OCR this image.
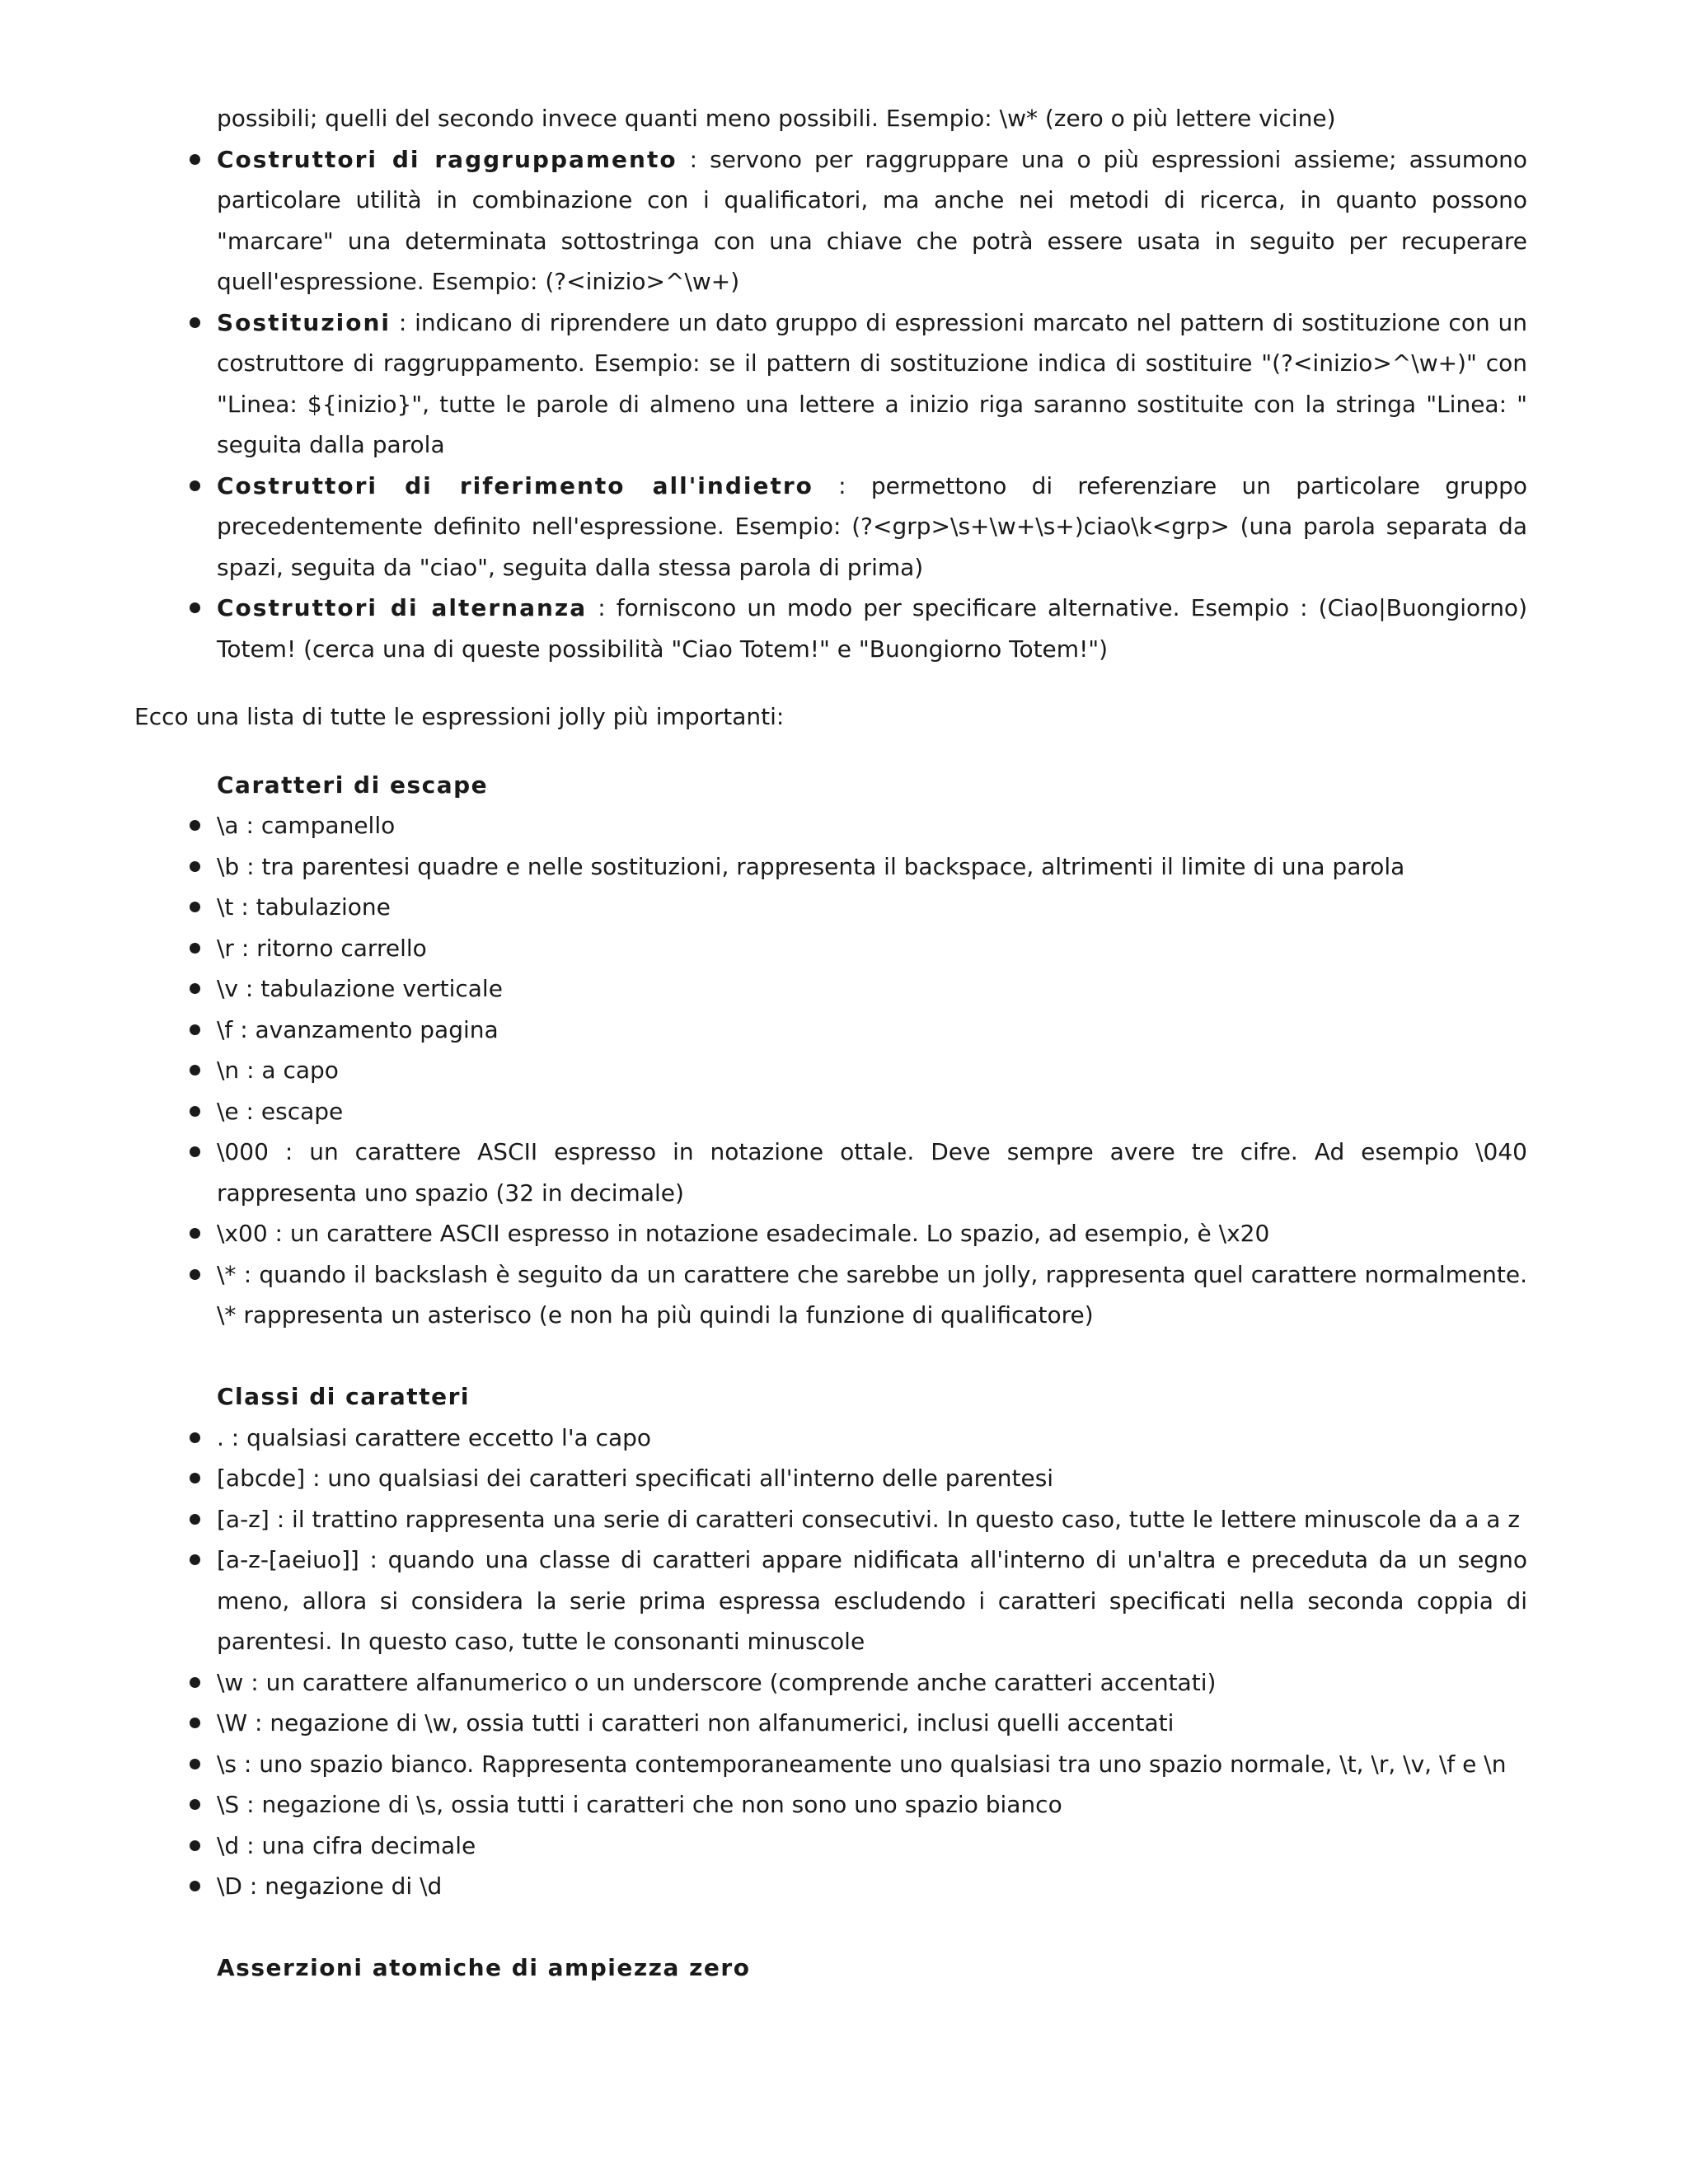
possibili; quelli del secondo invece quanti meno possibili. Esempio: \w* (zero o più lettere vicine)
Costruttori di raggruppamento : servono per raggruppare una o più espressioni assieme; assumono particolare utilità in combinazione con i qualificatori, ma anche nei metodi di ricerca, in quanto possono "marcare" una determinata sottostringa con una chiave che potrà essere usata in seguito per recuperare quell'espressione. Esempio: (?<inizio>^\w+)
Sostituzioni : indicano di riprendere un dato gruppo di espressioni marcato nel pattern di sostituzione con un costruttore di raggruppamento. Esempio: se il pattern di sostituzione indica di sostituire "(?<inizio>^\w+)" con "Linea: ${inizio}", tutte le parole di almeno una lettere a inizio riga saranno sostituite con la stringa "Linea: " seguita dalla parola
Costruttori di riferimento all'indietro : permettono di referenziare un particolare gruppo precedentemente definito nell'espressione. Esempio: (?<grp>\s+\w+\s+)ciao\k<grp> (una parola separata da spazi, seguita da "ciao", seguita dalla stessa parola di prima)
Costruttori di alternanza : forniscono un modo per specificare alternative. Esempio : (Ciao|Buongiorno) Totem! (cerca una di queste possibilità "Ciao Totem!" e "Buongiorno Totem!")
Ecco una lista di tutte le espressioni jolly più importanti:
Caratteri di escape
\a : campanello
\b : tra parentesi quadre e nelle sostituzioni, rappresenta il backspace, altrimenti il limite di una parola
\t : tabulazione
\r : ritorno carrello
\v : tabulazione verticale
\f : avanzamento pagina
\n : a capo
\e : escape
\000 : un carattere ASCII espresso in notazione ottale. Deve sempre avere tre cifre. Ad esempio \040 rappresenta uno spazio (32 in decimale)
\x00 : un carattere ASCII espresso in notazione esadecimale. Lo spazio, ad esempio, è \x20
\* : quando il backslash è seguito da un carattere che sarebbe un jolly, rappresenta quel carattere normalmente. \* rappresenta un asterisco (e non ha più quindi la funzione di qualificatore)
Classi di caratteri
. : qualsiasi carattere eccetto l'a capo
[abcde] : uno qualsiasi dei caratteri specificati all'interno delle parentesi
[a-z] : il trattino rappresenta una serie di caratteri consecutivi. In questo caso, tutte le lettere minuscole da a a z
[a-z-[aeiuo]] : quando una classe di caratteri appare nidificata all'interno di un'altra e preceduta da un segno meno, allora si considera la serie prima espressa escludendo i caratteri specificati nella seconda coppia di parentesi. In questo caso, tutte le consonanti minuscole
\w : un carattere alfanumerico o un underscore (comprende anche caratteri accentati)
\W : negazione di \w, ossia tutti i caratteri non alfanumerici, inclusi quelli accentati
\s : uno spazio bianco. Rappresenta contemporaneamente uno qualsiasi tra uno spazio normale, \t, \r, \v, \f e \n
\S : negazione di \s, ossia tutti i caratteri che non sono uno spazio bianco
\d : una cifra decimale
\D : negazione di \d
Asserzioni atomiche di ampiezza zero
